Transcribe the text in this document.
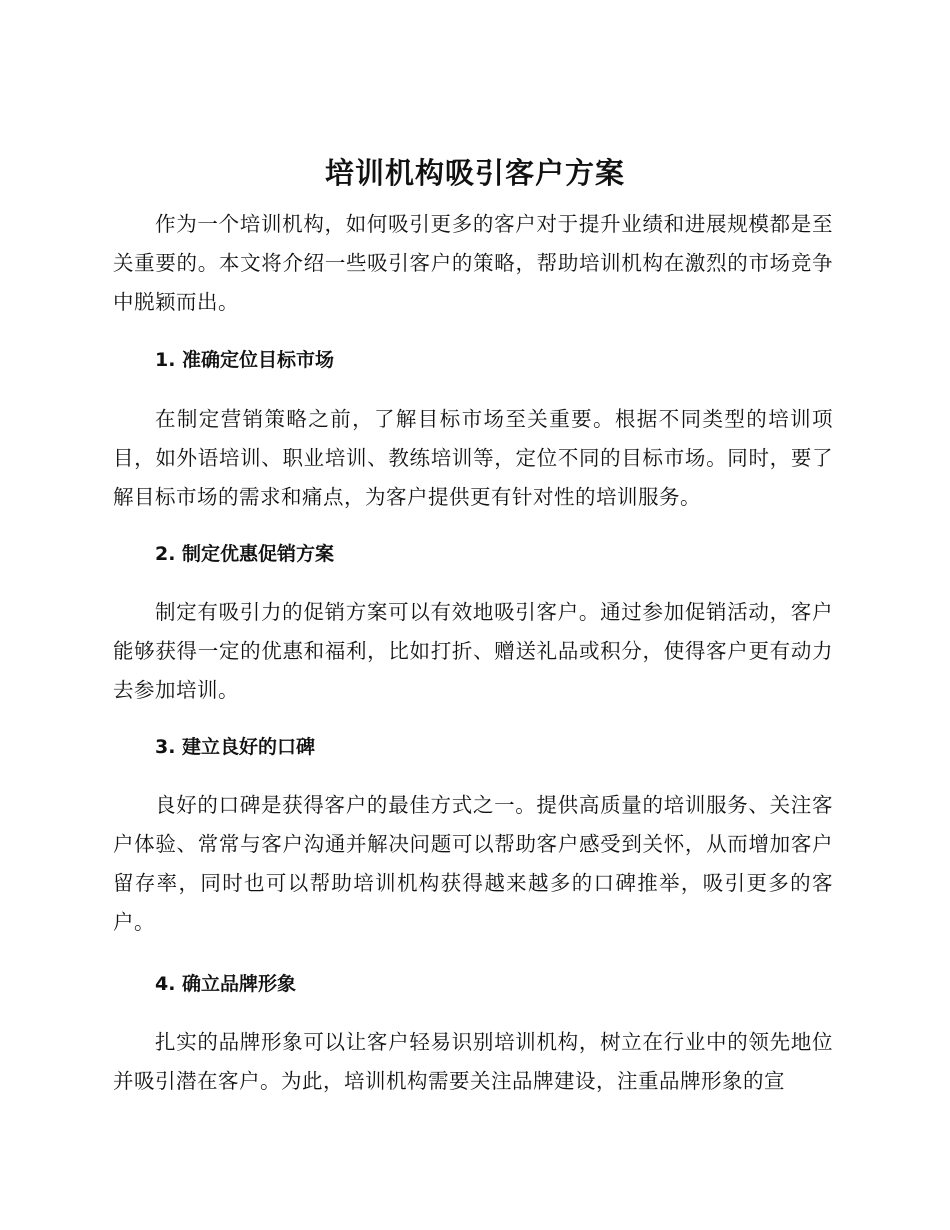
培训机构吸引客户方案

作为一个培训机构，如何吸引更多的客户对于提升业绩和进展规模都是至关重要的。本文将介绍一些吸引客户的策略，帮助培训机构在激烈的市场竞争中脱颖而出。

1. 准确定位目标市场

在制定营销策略之前，了解目标市场至关重要。根据不同类型的培训项目，如外语培训、职业培训、教练培训等，定位不同的目标市场。同时，要了解目标市场的需求和痛点，为客户提供更有针对性的培训服务。

2. 制定优惠促销方案

制定有吸引力的促销方案可以有效地吸引客户。通过参加促销活动，客户能够获得一定的优惠和福利，比如打折、赠送礼品或积分，使得客户更有动力去参加培训。

3. 建立良好的口碑

良好的口碑是获得客户的最佳方式之一。提供高质量的培训服务、关注客户体验、常常与客户沟通并解决问题可以帮助客户感受到关怀，从而增加客户留存率，同时也可以帮助培训机构获得越来越多的口碑推举，吸引更多的客户。

4. 确立品牌形象

扎实的品牌形象可以让客户轻易识别培训机构，树立在行业中的领先地位并吸引潜在客户。为此，培训机构需要关注品牌建设，注重品牌形象的宣
